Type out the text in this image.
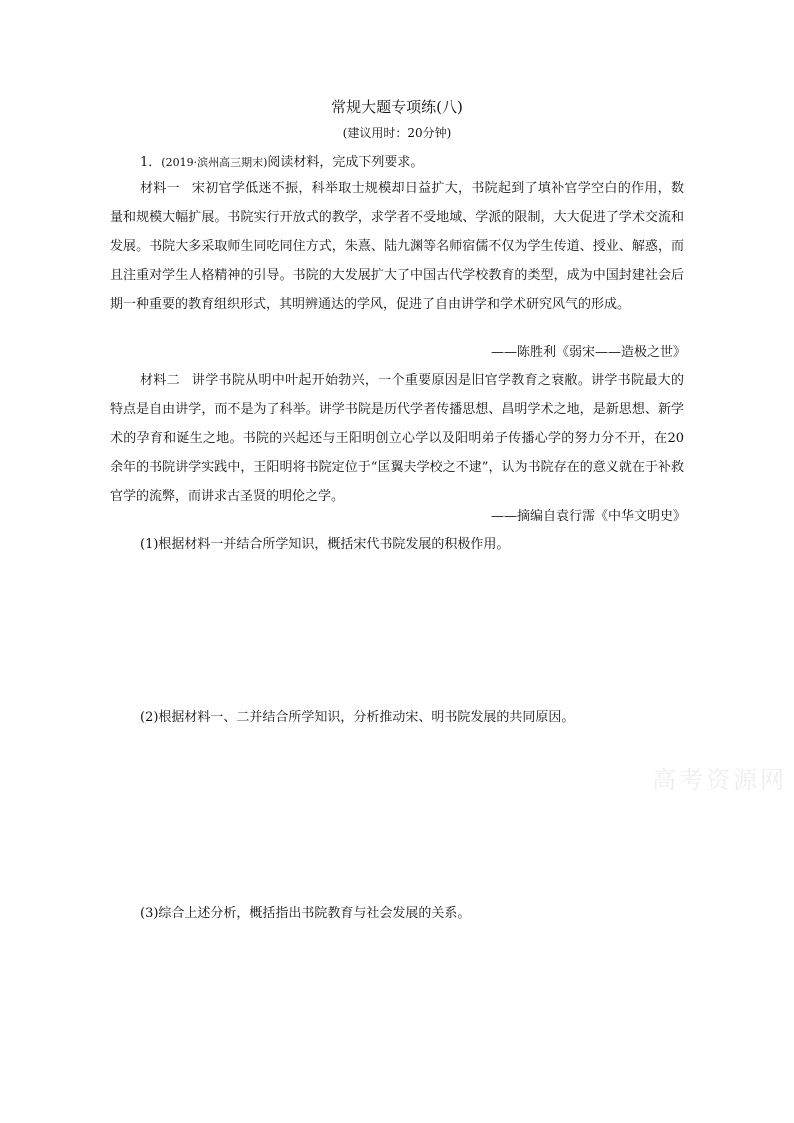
常规大题专项练(八)
(建议用时：20分钟)
1．(2019·滨州高三期末)阅读材料，完成下列要求。
材料一 宋初官学低迷不振，科举取士规模却日益扩大，书院起到了填补官学空白的作用，数量和规模大幅扩展。书院实行开放式的教学，求学者不受地域、学派的限制，大大促进了学术交流和发展。书院大多采取师生同吃同住方式，朱熹、陆九渊等名师宿儒不仅为学生传道、授业、解惑，而且注重对学生人格精神的引导。书院的大发展扩大了中国古代学校教育的类型，成为中国封建社会后期一种重要的教育组织形式，其明辨通达的学风，促进了自由讲学和学术研究风气的形成。
——陈胜利《弱宋——造极之世》
材料二 讲学书院从明中叶起开始勃兴，一个重要原因是旧官学教育之衰敝。讲学书院最大的特点是自由讲学，而不是为了科举。讲学书院是历代学者传播思想、昌明学术之地，是新思想、新学术的孕育和诞生之地。书院的兴起还与王阳明创立心学以及阳明弟子传播心学的努力分不开，在20余年的书院讲学实践中，王阳明将书院定位于“匡翼夫学校之不逮”，认为书院存在的意义就在于补救官学的流弊，而讲求古圣贤的明伦之学。
——摘编自袁行霈《中华文明史》
(1)根据材料一并结合所学知识，概括宋代书院发展的积极作用。
(2)根据材料一、二并结合所学知识，分析推动宋、明书院发展的共同原因。
(3)综合上述分析，概括指出书院教育与社会发展的关系。
高考资源网
